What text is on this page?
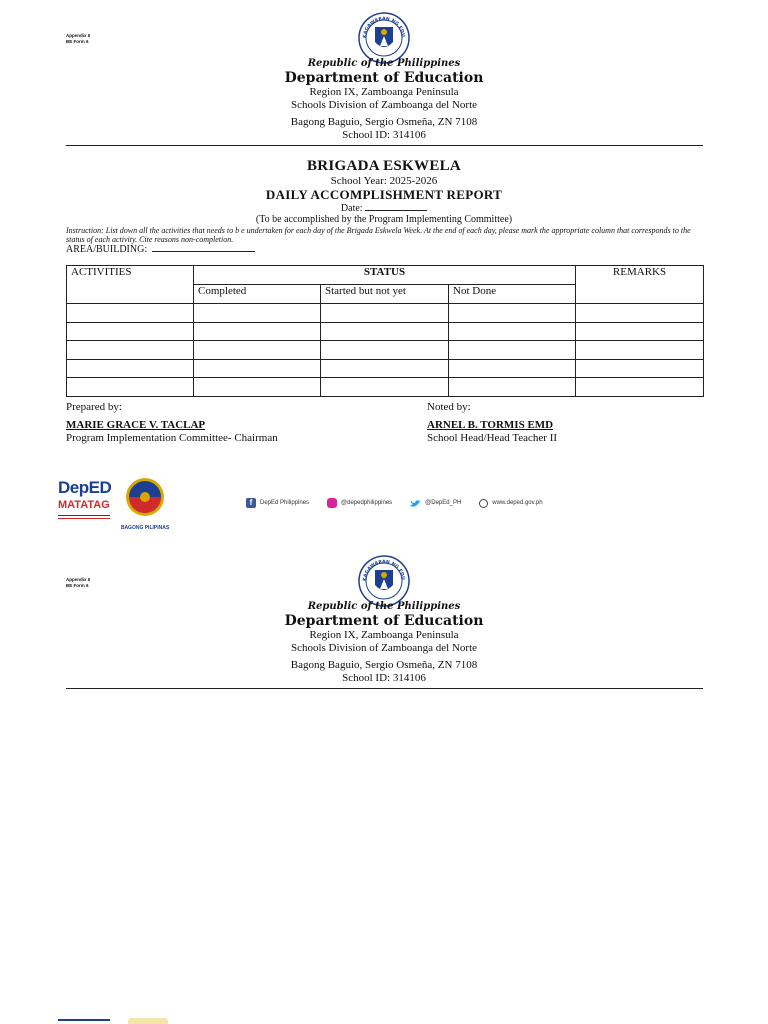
Appendix II
BE Form 6
KAGAWARAN NG EDU
Republic of the Philippines
Department of Education
Region IX, Zamboanga Peninsula
Schools Division of Zamboanga del Norte
Bagong Baguio, Sergio Osmeña, ZN 7108
School ID: 314106
BRIGADA ESKWELA
School Year: 2025-2026
DAILY ACCOMPLISHMENT REPORT
Date:
(To be accomplished by the Program Implementing Committee)
Instruction: List down all the activities that needs to b e undertaken for each day of the Brigada Eskwela Week. At the end of each day, please mark the appropriate column that corresponds to the status of each activity. Cite reasons non-completion.
AREA/BUILDING:
ACTIVITIES	STATUS			REMARKS
	Completed	Started but not yet	Not Done	

Prepared by:
MARIE GRACE V. TACLAP
Program Implementation Committee- Chairman
Noted by:
ARNEL B. TORMIS EMD
School Head/Head Teacher II
DepED
MATATAG
BAGONG PILIPINAS
f	DepEd Philippines	@depedphilippines	@DepEd_PH	www.deped.gov.ph
Appendix II
BE Form 6
KAGAWARAN NG EDU
Republic of the Philippines
Department of Education
Region IX, Zamboanga Peninsula
Schools Division of Zamboanga del Norte
Bagong Baguio, Sergio Osmeña, ZN 7108
School ID: 314106
